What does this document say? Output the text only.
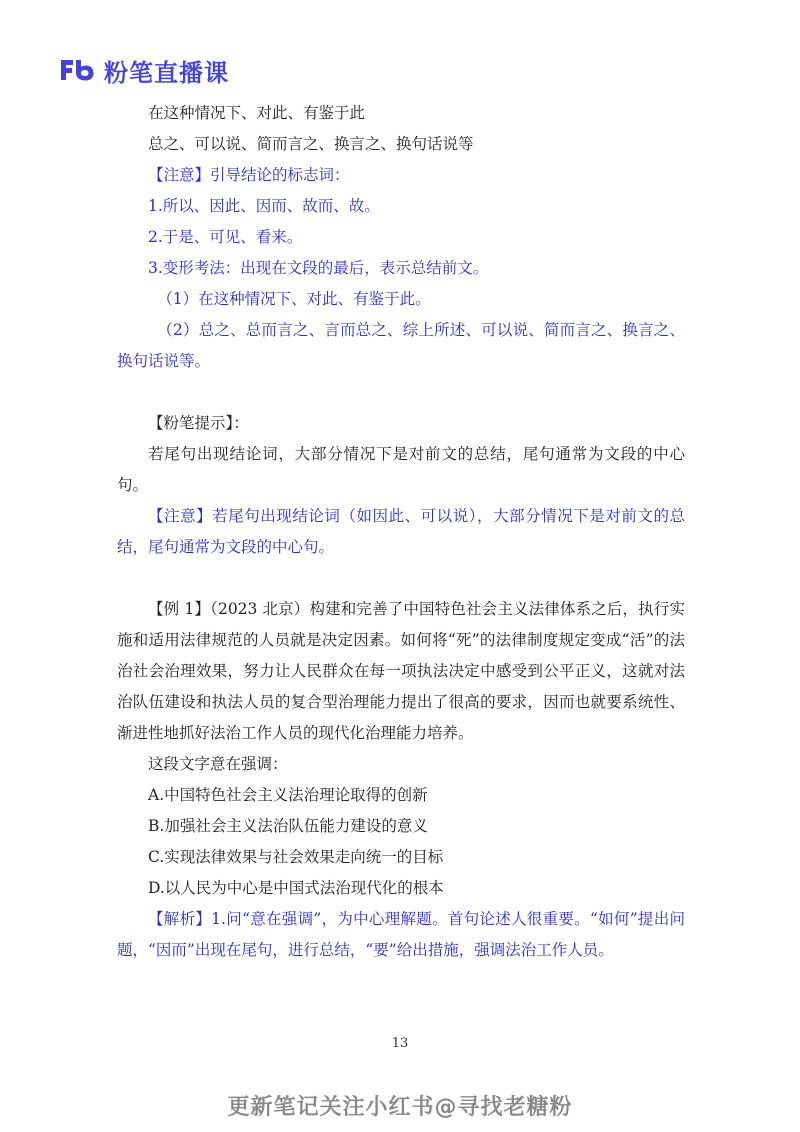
粉笔直播课
在这种情况下、对此、有鉴于此
总之、可以说、简而言之、换言之、换句话说等
【注意】引导结论的标志词：
1.所以、因此、因而、故而、故。
2.于是、可见、看来。
3.变形考法：出现在文段的最后，表示总结前文。
（1）在这种情况下、对此、有鉴于此。
（2）总之、总而言之、言而总之、综上所述、可以说、简而言之、换言之、换句话说等。
【粉笔提示】：
若尾句出现结论词，大部分情况下是对前文的总结，尾句通常为文段的中心句。
【注意】若尾句出现结论词（如因此、可以说），大部分情况下是对前文的总结，尾句通常为文段的中心句。
【例 1】（2023 北京）构建和完善了中国特色社会主义法律体系之后，执行实施和适用法律规范的人员就是决定因素。如何将“死”的法律制度规定变成“活”的法治社会治理效果，努力让人民群众在每一项执法决定中感受到公平正义，这就对法治队伍建设和执法人员的复合型治理能力提出了很高的要求，因而也就要系统性、渐进性地抓好法治工作人员的现代化治理能力培养。
这段文字意在强调：
A.中国特色社会主义法治理论取得的创新
B.加强社会主义法治队伍能力建设的意义
C.实现法律效果与社会效果走向统一的目标
D.以人民为中心是中国式法治现代化的根本
【解析】1.问“意在强调”，为中心理解题。首句论述人很重要。“如何”提出问题，“因而”出现在尾句，进行总结，“要”给出措施，强调法治工作人员。
13
更新笔记关注小红书@寻找老糖粉
